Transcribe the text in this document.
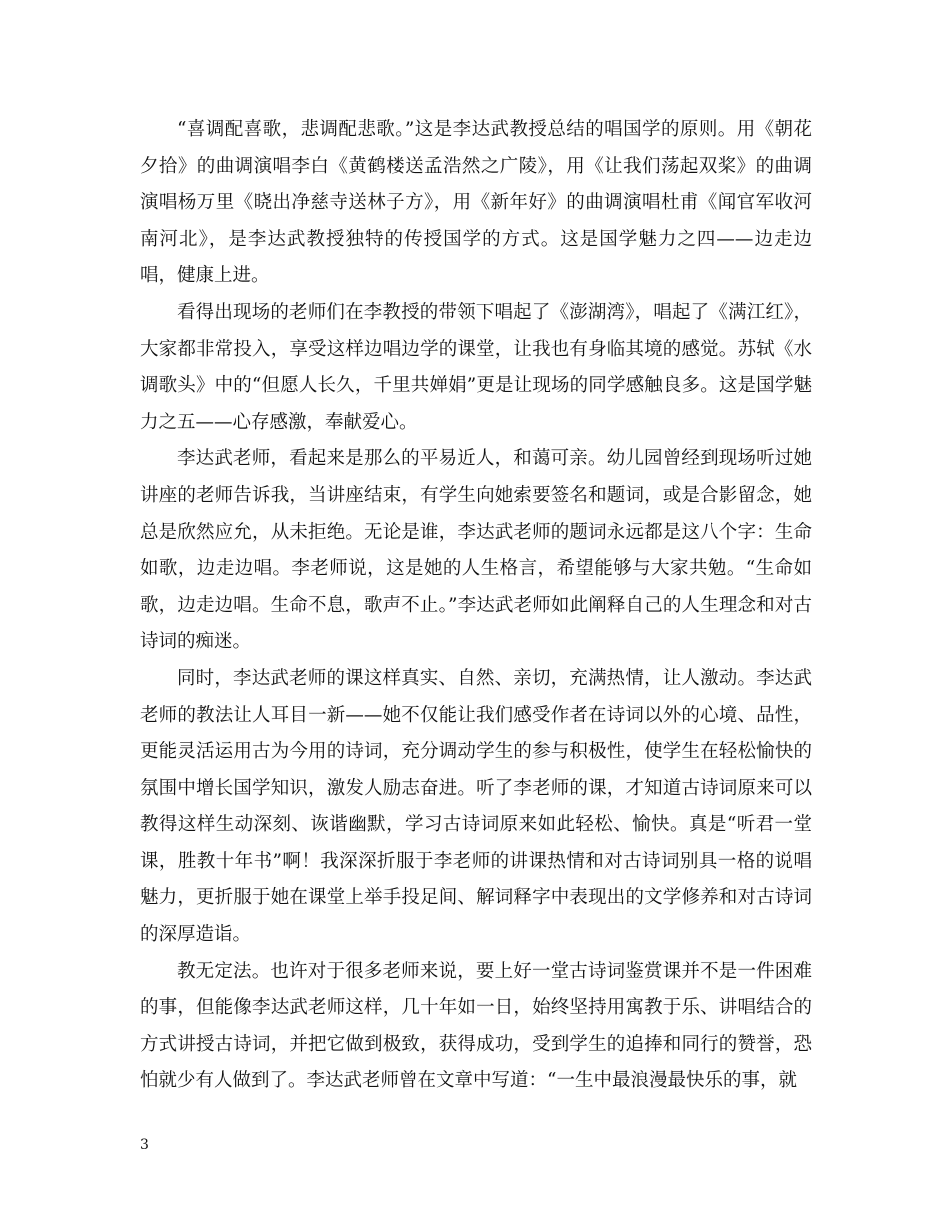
“喜调配喜歌，悲调配悲歌。”这是李达武教授总结的唱国学的原则。用《朝花夕拾》的曲调演唱李白《黄鹤楼送孟浩然之广陵》，用《让我们荡起双桨》的曲调演唱杨万里《晓出净慈寺送林子方》，用《新年好》的曲调演唱杜甫《闻官军收河南河北》，是李达武教授独特的传授国学的方式。这是国学魅力之四——边走边唱，健康上进。

看得出现场的老师们在李教授的带领下唱起了《澎湖湾》，唱起了《满江红》，大家都非常投入，享受这样边唱边学的课堂，让我也有身临其境的感觉。苏轼《水调歌头》中的“但愿人长久，千里共婵娟”更是让现场的同学感触良多。这是国学魅力之五——心存感激，奉献爱心。

李达武老师，看起来是那么的平易近人，和蔼可亲。幼儿园曾经到现场听过她讲座的老师告诉我，当讲座结束，有学生向她索要签名和题词，或是合影留念，她总是欣然应允，从未拒绝。无论是谁，李达武老师的题词永远都是这八个字：生命如歌，边走边唱。李老师说，这是她的人生格言，希望能够与大家共勉。“生命如歌，边走边唱。生命不息，歌声不止。”李达武老师如此阐释自己的人生理念和对古诗词的痴迷。

同时，李达武老师的课这样真实、自然、亲切，充满热情，让人激动。李达武老师的教法让人耳目一新——她不仅能让我们感受作者在诗词以外的心境、品性，更能灵活运用古为今用的诗词，充分调动学生的参与积极性，使学生在轻松愉快的氛围中增长国学知识，激发人励志奋进。听了李老师的课，才知道古诗词原来可以教得这样生动深刻、诙谐幽默，学习古诗词原来如此轻松、愉快。真是“听君一堂课，胜教十年书”啊！我深深折服于李老师的讲课热情和对古诗词别具一格的说唱魅力，更折服于她在课堂上举手投足间、解词释字中表现出的文学修养和对古诗词的深厚造诣。

教无定法。也许对于很多老师来说，要上好一堂古诗词鉴赏课并不是一件困难的事，但能像李达武老师这样，几十年如一日，始终坚持用寓教于乐、讲唱结合的方式讲授古诗词，并把它做到极致，获得成功，受到学生的追捧和同行的赞誉，恐怕就少有人做到了。李达武老师曾在文章中写道：“一生中最浪漫最快乐的事，就

3
